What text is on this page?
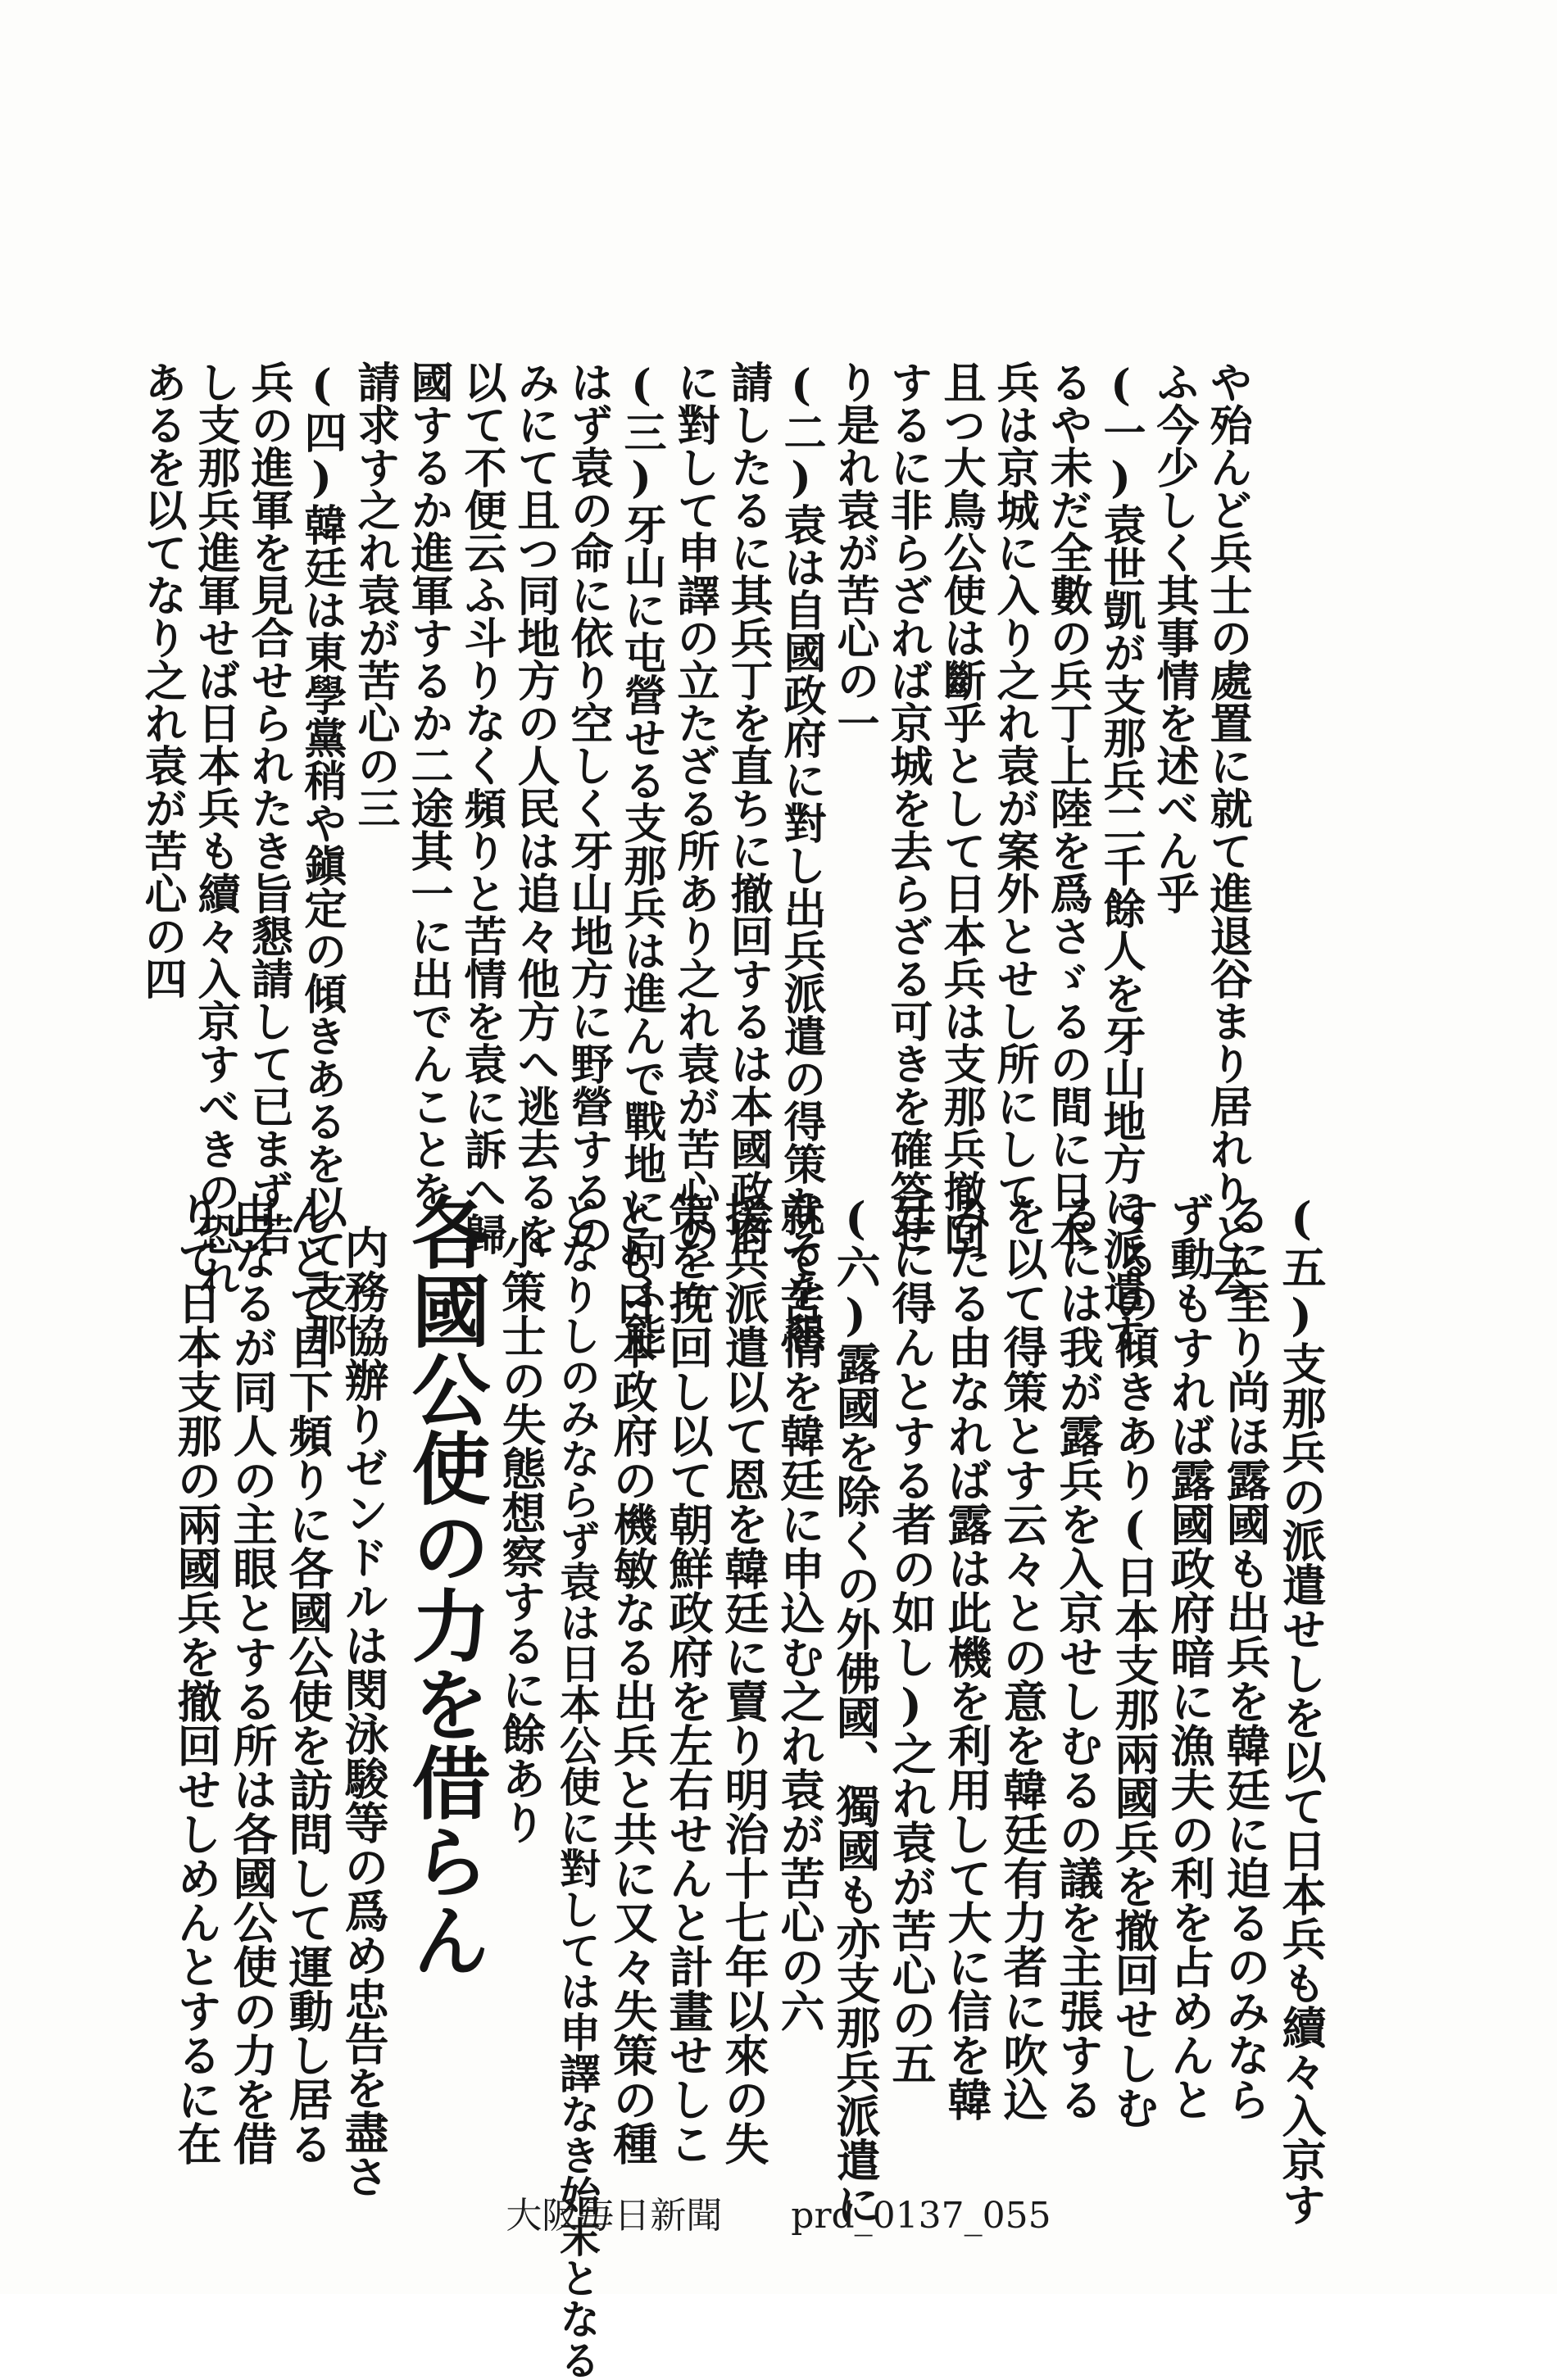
や殆んど兵士の處置に就て進退谷まり居れりと云
ふ今少しく其事情を述べん乎
(一)袁世凱が支那兵二千餘人を牙山地方に派遣す
るや未だ全數の兵丁上陸を爲さゞるの間に日本
兵は京城に入り之れ袁が案外とせし所にして
且つ大鳥公使は斷乎として日本兵は支那兵撤回
するに非らざれば京城を去らざる可きを確答せ
り是れ袁が苦心の一
(二)袁は自國政府に對し出兵派遣の得策なるを懇
請したるに其兵丁を直ちに撤回するは本國政府
に對して申譯の立たざる所あり之れ袁が苦心の二
(三)牙山に屯營せる支那兵は進んで戰地に向ふ能
はず袁の命に依り空しく牙山地方に野營するの
みにて且つ同地方の人民は追々他方へ逃去るを
以て不便云ふ斗りなく頻りと苦情を袁に訴へ歸
國するか進軍するか二途其一に出でんことを
請求す之れ袁が苦心の三
(四)韓廷は東學黨稍や鎭定の傾きあるを以て支那
兵の進軍を見合せられたき旨懇請して已まず若
し支那兵進軍せば日本兵も續々入京すべきの恐れ
あるを以てなり之れ袁が苦心の四
(五)支那兵の派遣せしを以て日本兵も續々入京す
るに至り尚ほ露國も出兵を韓廷に迫るのみなら
ず動もすれば露國政府暗に漁夫の利を占めんと
するの傾きあり(日本支那兩國兵を撤回せしむ
るには我が露兵を入京せしむるの議を主張する
を以て得策とす云々との意を韓廷有力者に吹込
みたる由なれば露は此機を利用して大に信を韓
廷に得んとする者の如し)之れ袁が苦心の五
(六)露國を除くの外佛國、獨國も亦支那兵派遣に
就て苦情を韓廷に申込む之れ袁が苦心の六
援兵派遣以て恩を韓廷に賣り明治十七年以來の失
策を挽回し以て朝鮮政府を左右せんと計畫せしこ
とも日本政府の機敏なる出兵と共に又々失策の種
となりしのみならず袁は日本公使に對しては申譯なき始末となる
小策士の失態想察するに餘あり
各國公使の力を借らん
内務協辦りゼンドルは閔泳駿等の爲め忠告を盡さ
んとて目下頻りに各國公使を訪問して運動し居る
由なるが同人の主眼とする所は各國公使の力を借
りて日本支那の兩國兵を撤回せしめんとするに在
大阪毎日新聞 prd_0137_055
